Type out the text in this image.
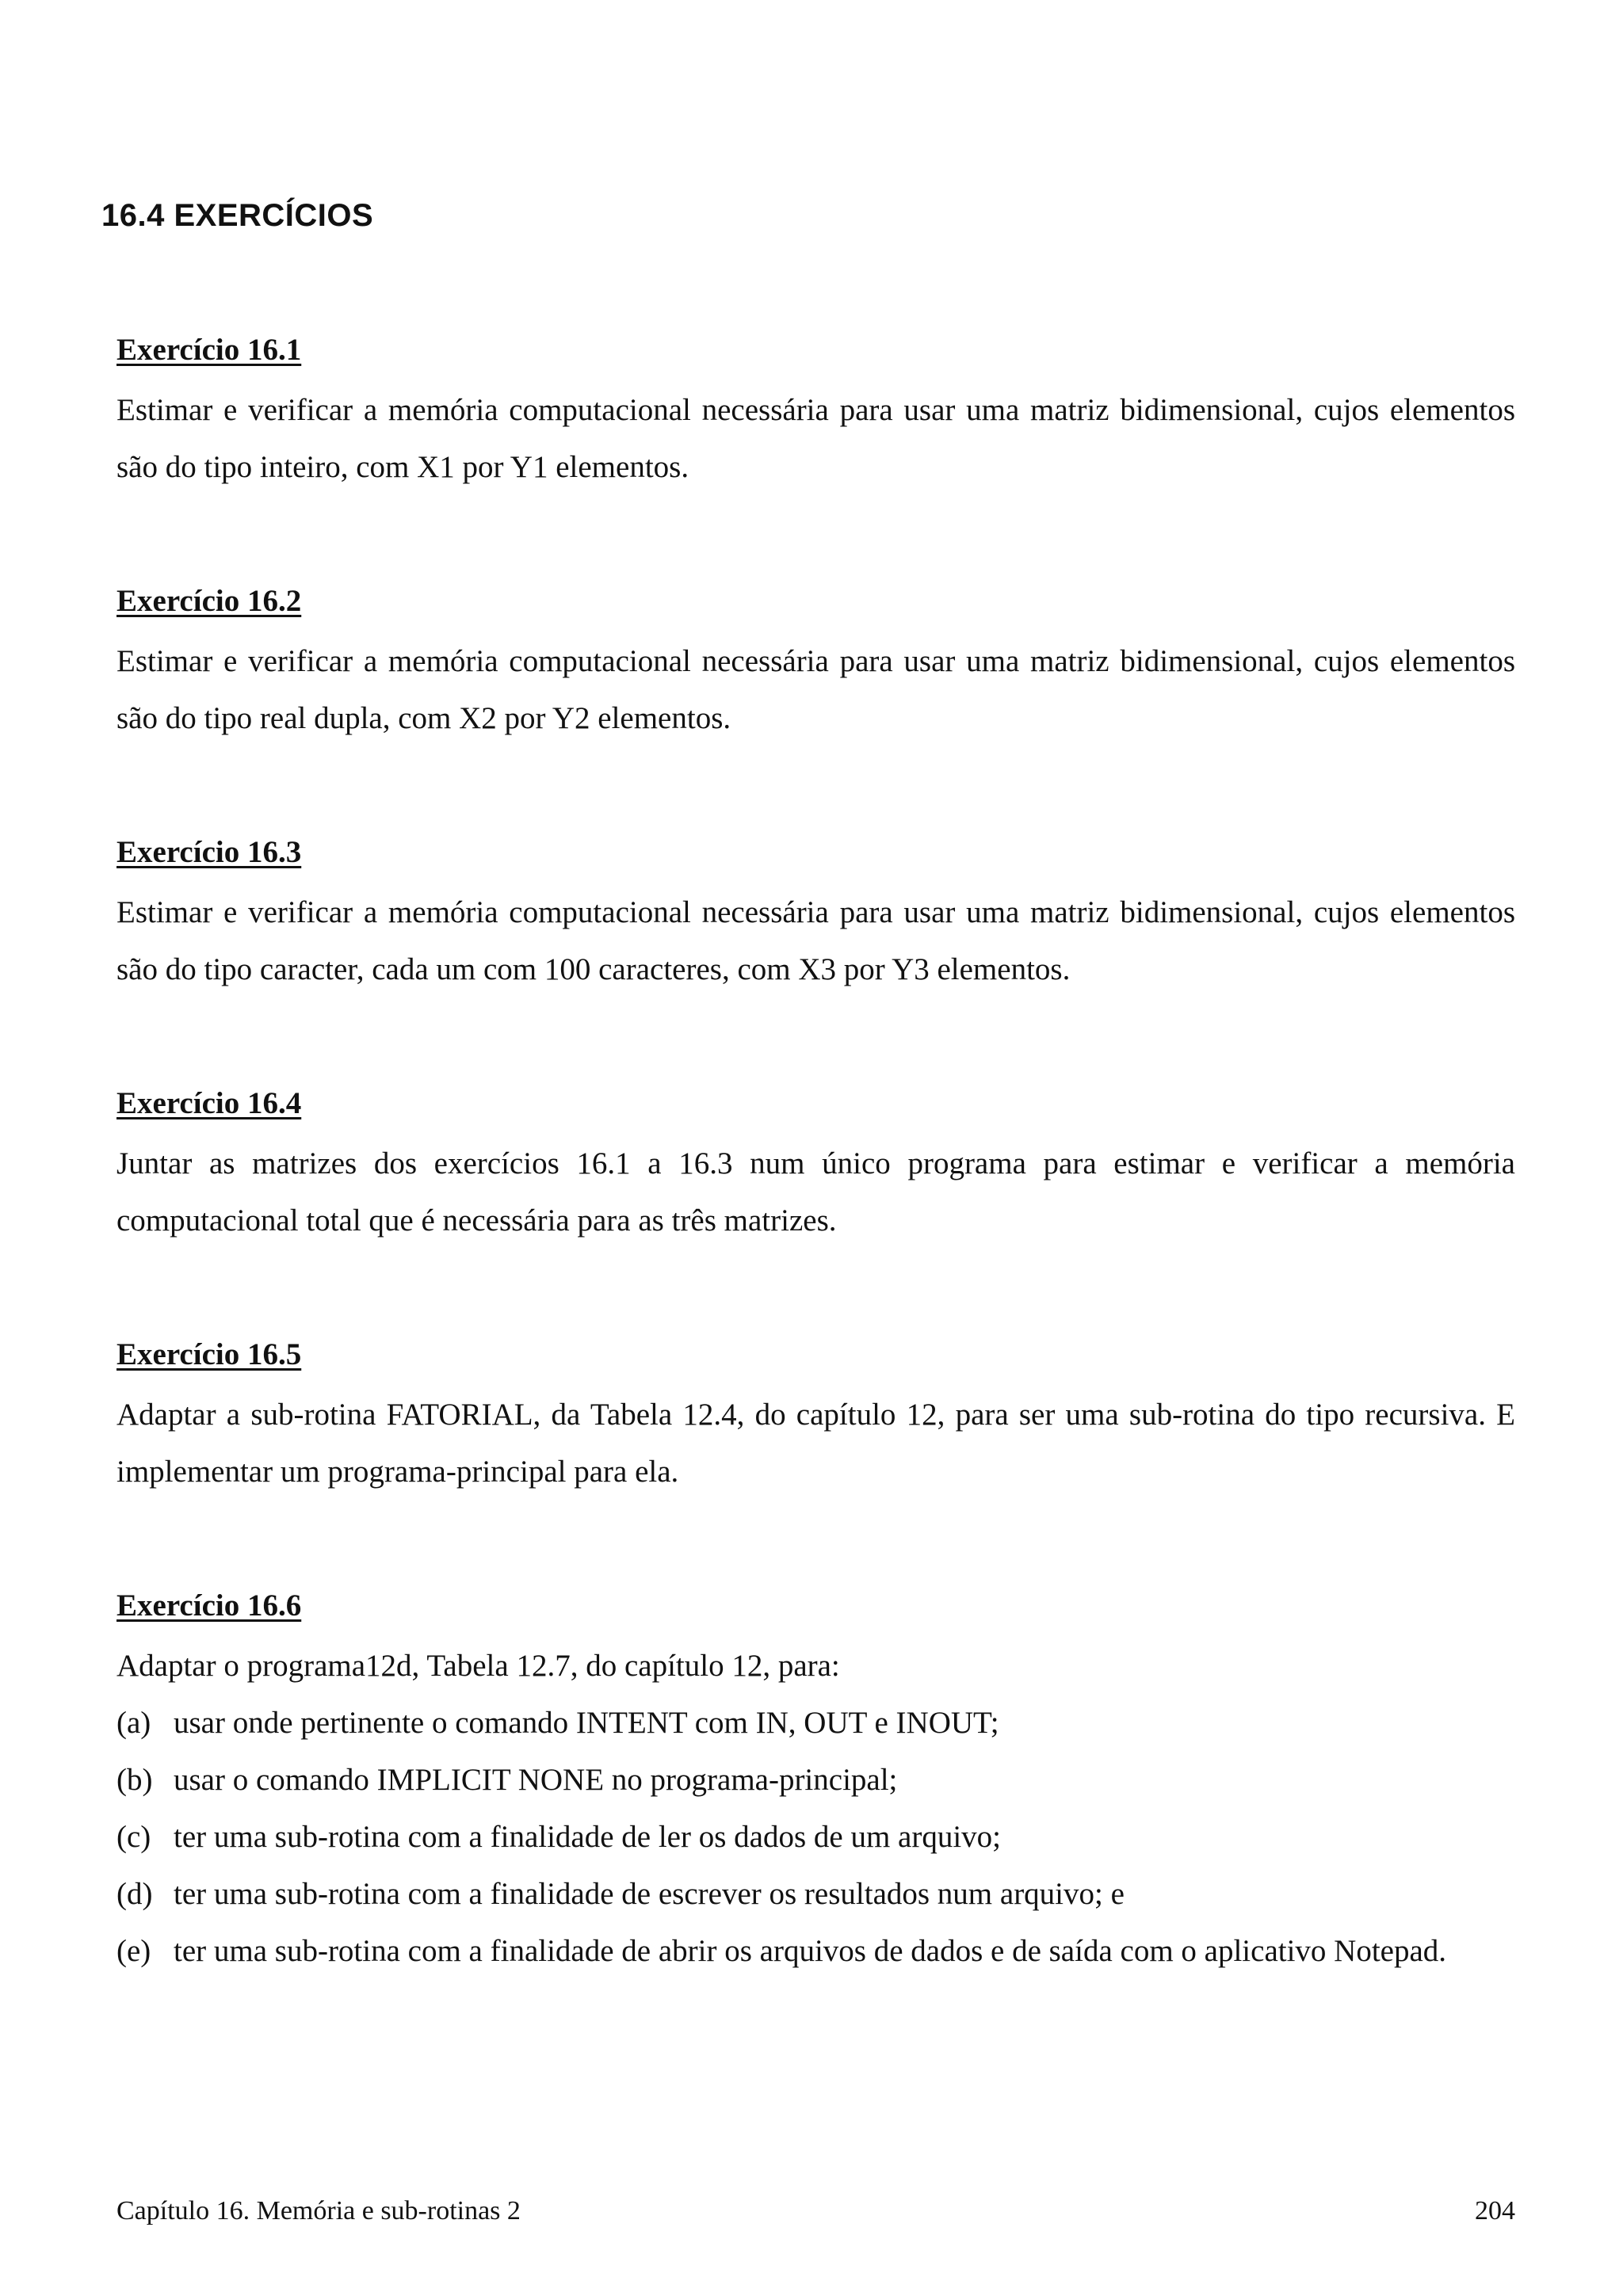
16.4 EXERCÍCIOS
Exercício 16.1
Estimar e verificar a memória computacional necessária para usar uma matriz bidimensional, cujos elementos são do tipo inteiro, com X1 por Y1 elementos.
Exercício 16.2
Estimar e verificar a memória computacional necessária para usar uma matriz bidimensional, cujos elementos são do tipo real dupla, com X2 por Y2 elementos.
Exercício 16.3
Estimar e verificar a memória computacional necessária para usar uma matriz bidimensional, cujos elementos são do tipo caracter, cada um com 100 caracteres, com X3 por Y3 elementos.
Exercício 16.4
Juntar as matrizes dos exercícios 16.1 a 16.3 num único programa para estimar e verificar a memória computacional total que é necessária para as três matrizes.
Exercício 16.5
Adaptar a sub-rotina FATORIAL, da Tabela 12.4, do capítulo 12, para ser uma sub-rotina do tipo recursiva. E implementar um programa-principal para ela.
Exercício 16.6
Adaptar o programa12d, Tabela 12.7, do capítulo 12, para:
(a) usar onde pertinente o comando INTENT com IN, OUT e INOUT;
(b) usar o comando IMPLICIT NONE no programa-principal;
(c) ter uma sub-rotina com a finalidade de ler os dados de um arquivo;
(d) ter uma sub-rotina com a finalidade de escrever os resultados num arquivo; e
(e) ter uma sub-rotina com a finalidade de abrir os arquivos de dados e de saída com o aplicativo Notepad.
Capítulo 16. Memória e sub-rotinas 2	204
